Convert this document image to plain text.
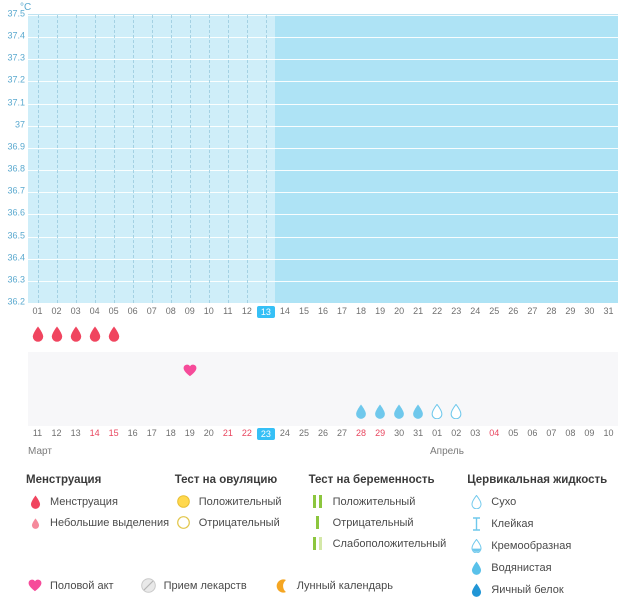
°C
37.5
37.4
37.3
37.2
37.1
37
36.9
36.8
36.7
36.6
36.5
36.4
36.3
36.2
01	02	03	04	05	06	07	08	09	10	11	12	13	14	15	16	17	18	19	20	21	22	23	24	25	26	27	28	29	30	31
11	12	13	14	15	16	17	18	19	20	21	22	23	24	25	26	27	28	29	30	31	01	02	03	04	05	06	07	08	09	10
Март	Апрель
Менструация
Менструация
Небольшие выделения
Тест на овуляцию
Положительный
Отрицательный
Тест на беременность
Положительный
Отрицательный
Слабоположительный
Цервикальная жидкость
Сухо
Клейкая
Кремообразная
Водянистая
Яичный белок
Половой акт	Прием лекарств	Лунный календарь
